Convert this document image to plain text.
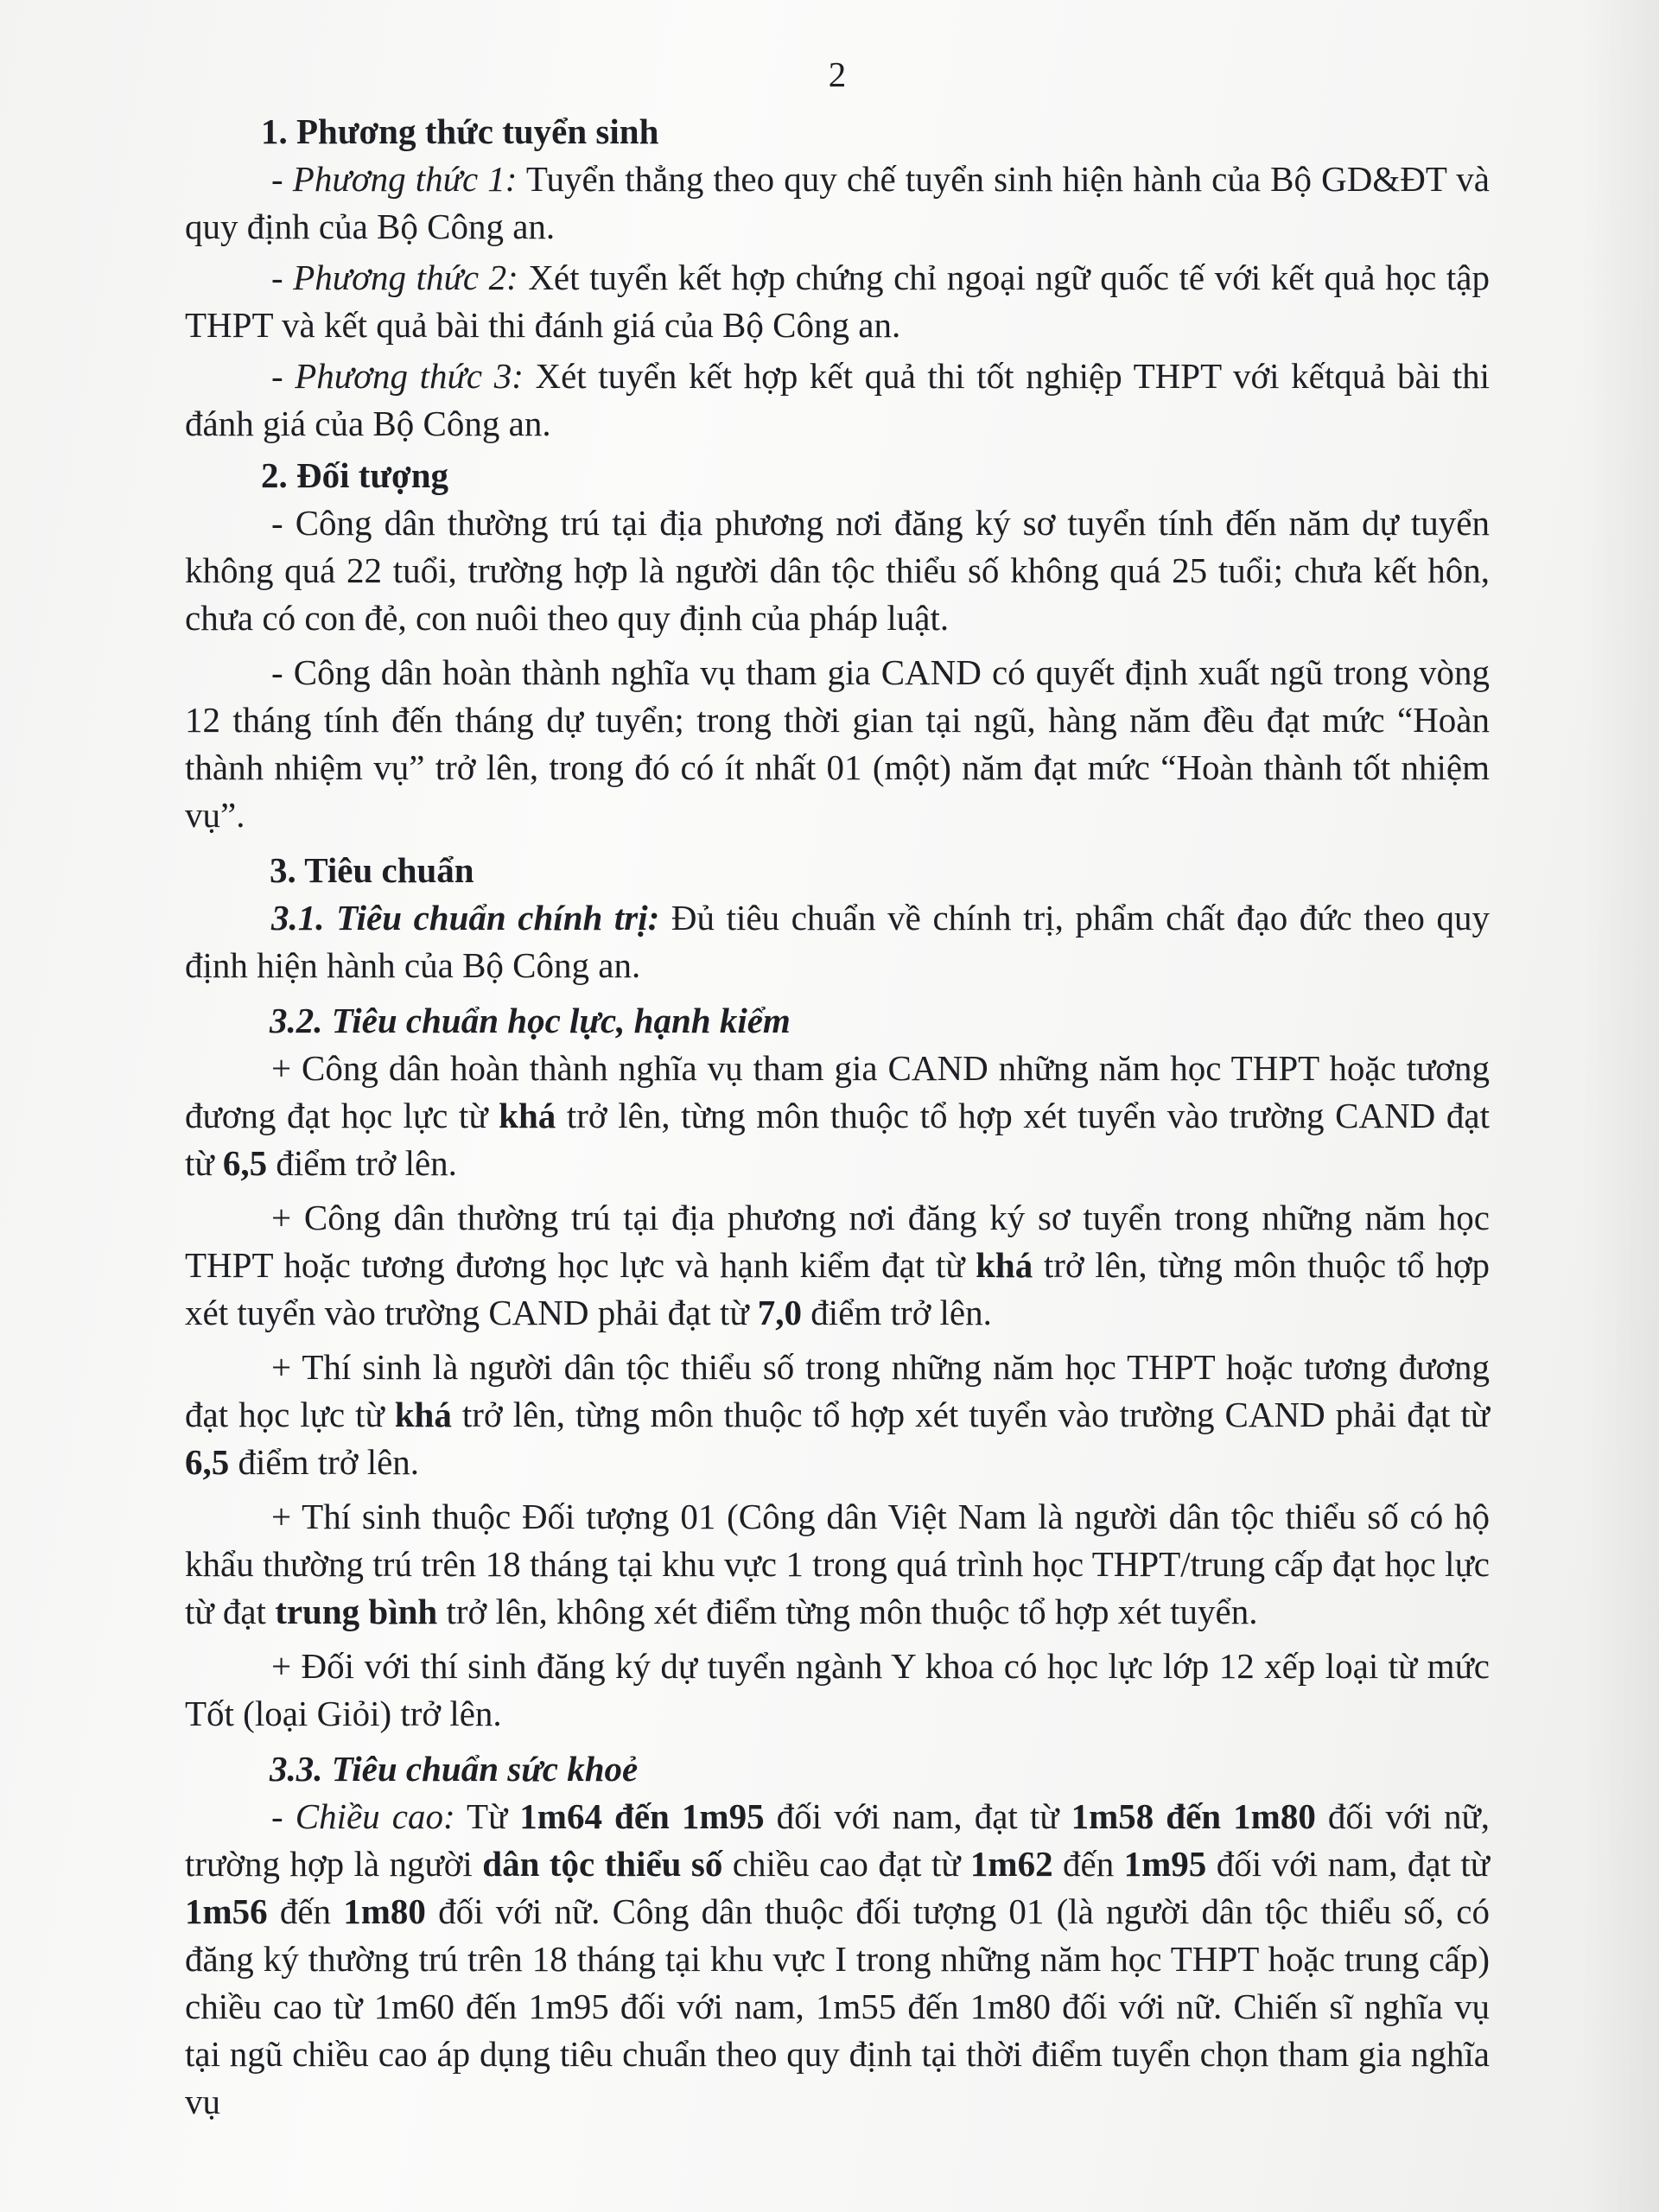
2
1. Phương thức tuyển sinh

- Phương thức 1: Tuyển thẳng theo quy chế tuyển sinh hiện hành của Bộ GD&ĐT và quy định của Bộ Công an.

- Phương thức 2: Xét tuyển kết hợp chứng chỉ ngoại ngữ quốc tế với kết quả học tập THPT và kết quả bài thi đánh giá của Bộ Công an.

- Phương thức 3: Xét tuyển kết hợp kết quả thi tốt nghiệp THPT với kếtquả bài thi đánh giá của Bộ Công an.

2. Đối tượng

- Công dân thường trú tại địa phương nơi đăng ký sơ tuyển tính đến năm dự tuyển không quá 22 tuổi, trường hợp là người dân tộc thiểu số không quá 25 tuổi; chưa kết hôn, chưa có con đẻ, con nuôi theo quy định của pháp luật.

- Công dân hoàn thành nghĩa vụ tham gia CAND có quyết định xuất ngũ trong vòng 12 tháng tính đến tháng dự tuyển; trong thời gian tại ngũ, hàng năm đều đạt mức “Hoàn thành nhiệm vụ” trở lên, trong đó có ít nhất 01 (một) năm đạt mức “Hoàn thành tốt nhiệm vụ”.

3. Tiêu chuẩn

3.1. Tiêu chuẩn chính trị: Đủ tiêu chuẩn về chính trị, phẩm chất đạo đức theo quy định hiện hành của Bộ Công an.

3.2. Tiêu chuẩn học lực, hạnh kiểm

+ Công dân hoàn thành nghĩa vụ tham gia CAND những năm học THPT hoặc tương đương đạt học lực từ khá trở lên, từng môn thuộc tổ hợp xét tuyển vào trường CAND đạt từ 6,5 điểm trở lên.

+ Công dân thường trú tại địa phương nơi đăng ký sơ tuyển trong những năm học THPT hoặc tương đương học lực và hạnh kiểm đạt từ khá trở lên, từng môn thuộc tổ hợp xét tuyển vào trường CAND phải đạt từ 7,0 điểm trở lên.

+ Thí sinh là người dân tộc thiểu số trong những năm học THPT hoặc tương đương đạt học lực từ khá trở lên, từng môn thuộc tổ hợp xét tuyển vào trường CAND phải đạt từ 6,5 điểm trở lên.

+ Thí sinh thuộc Đối tượng 01 (Công dân Việt Nam là người dân tộc thiểu số có hộ khẩu thường trú trên 18 tháng tại khu vực 1 trong quá trình học THPT/trung cấp đạt học lực từ đạt trung bình trở lên, không xét điểm từng môn thuộc tổ hợp xét tuyển.

+ Đối với thí sinh đăng ký dự tuyển ngành Y khoa có học lực lớp 12 xếp loại từ mức Tốt (loại Giỏi) trở lên.

3.3. Tiêu chuẩn sức khoẻ

- Chiều cao: Từ 1m64 đến 1m95 đối với nam, đạt từ 1m58 đến 1m80 đối với nữ, trường hợp là người dân tộc thiểu số chiều cao đạt từ 1m62 đến 1m95 đối với nam, đạt từ 1m56 đến 1m80 đối với nữ. Công dân thuộc đối tượng 01 (là người dân tộc thiểu số, có đăng ký thường trú trên 18 tháng tại khu vực I trong những năm học THPT hoặc trung cấp) chiều cao từ 1m60 đến 1m95 đối với nam, 1m55 đến 1m80 đối với nữ. Chiến sĩ nghĩa vụ tại ngũ chiều cao áp dụng tiêu chuẩn theo quy định tại thời điểm tuyển chọn tham gia nghĩa vụ
